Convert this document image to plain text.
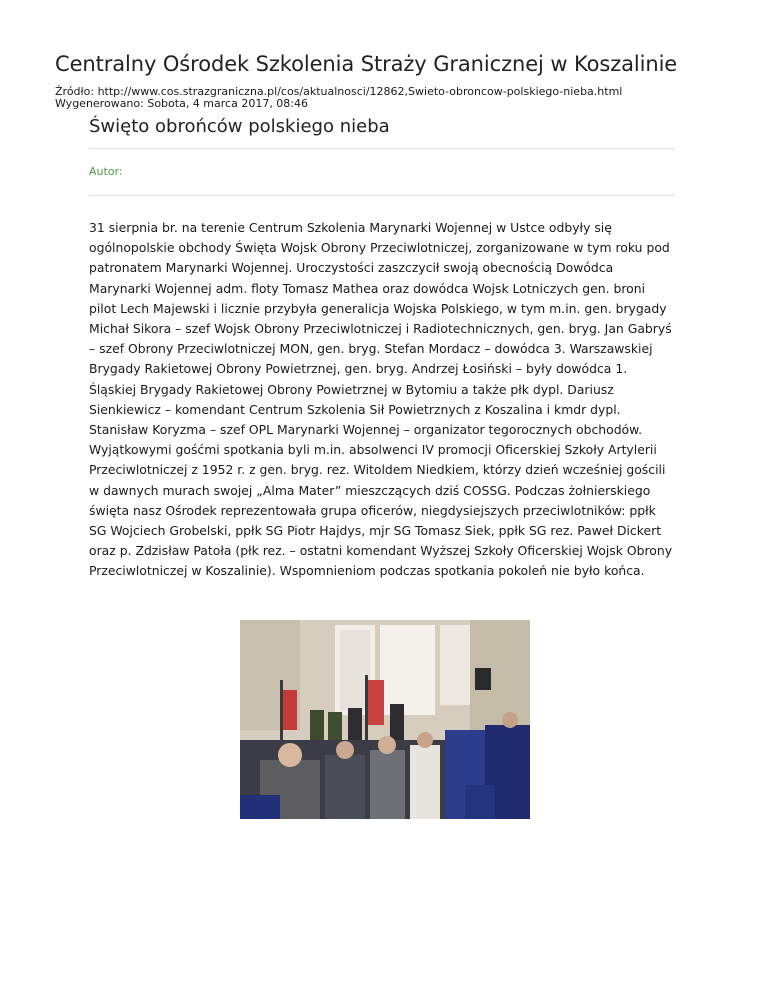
Centralny Ośrodek Szkolenia Straży Granicznej w Koszalinie
Źródło: http://www.cos.strazgraniczna.pl/cos/aktualnosci/12862,Swieto-obroncow-polskiego-nieba.html
Wygenerowano: Sobota, 4 marca 2017, 08:46
Święto obrońców polskiego nieba
Autor:
31 sierpnia br. na terenie Centrum Szkolenia Marynarki Wojennej w Ustce odbyły się ogólnopolskie obchody Święta Wojsk Obrony Przeciwlotniczej, zorganizowane w tym roku pod patronatem Marynarki Wojennej. Uroczystości zaszczycił swoją obecnością Dowódca Marynarki Wojennej adm. floty Tomasz Mathea oraz dowódca Wojsk Lotniczych gen. broni pilot Lech Majewski i licznie przybyła generalicja Wojska Polskiego, w tym m.in. gen. brygady Michał Sikora – szef Wojsk Obrony Przeciwlotniczej i Radiotechnicznych, gen. bryg. Jan Gabryś – szef Obrony Przeciwlotniczej MON, gen. bryg. Stefan Mordacz – dowódca 3. Warszawskiej Brygady Rakietowej Obrony Powietrznej, gen. bryg. Andrzej Łosiński – były dowódca 1. Śląskiej Brygady Rakietowej Obrony Powietrznej w Bytomiu a także płk dypl. Dariusz Sienkiewicz – komendant Centrum Szkolenia Sił Powietrznych z Koszalina i kmdr dypl. Stanisław Koryzma – szef OPL Marynarki Wojennej – organizator tegorocznych obchodów. Wyjątkowymi gośćmi spotkania byli m.in. absolwenci IV promocji Oficerskiej Szkoły Artylerii Przeciwlotniczej z 1952 r. z gen. bryg. rez. Witoldem Niedkiem, którzy dzień wcześniej gościli w dawnych murach swojej „Alma Mater” mieszczących dziś COSSG. Podczas żołnierskiego święta nasz Ośrodek reprezentowała grupa oficerów, niegdysiejszych przeciwlotników: ppłk SG Wojciech Grobelski, ppłk SG Piotr Hajdys, mjr SG Tomasz Siek, ppłk SG rez. Paweł Dickert oraz p. Zdzisław Patoła (płk rez. – ostatni komendant Wyższej Szkoły Oficerskiej Wojsk Obrony Przeciwlotniczej w Koszalinie). Wspomnieniom podczas spotkania pokoleń nie było końca.
